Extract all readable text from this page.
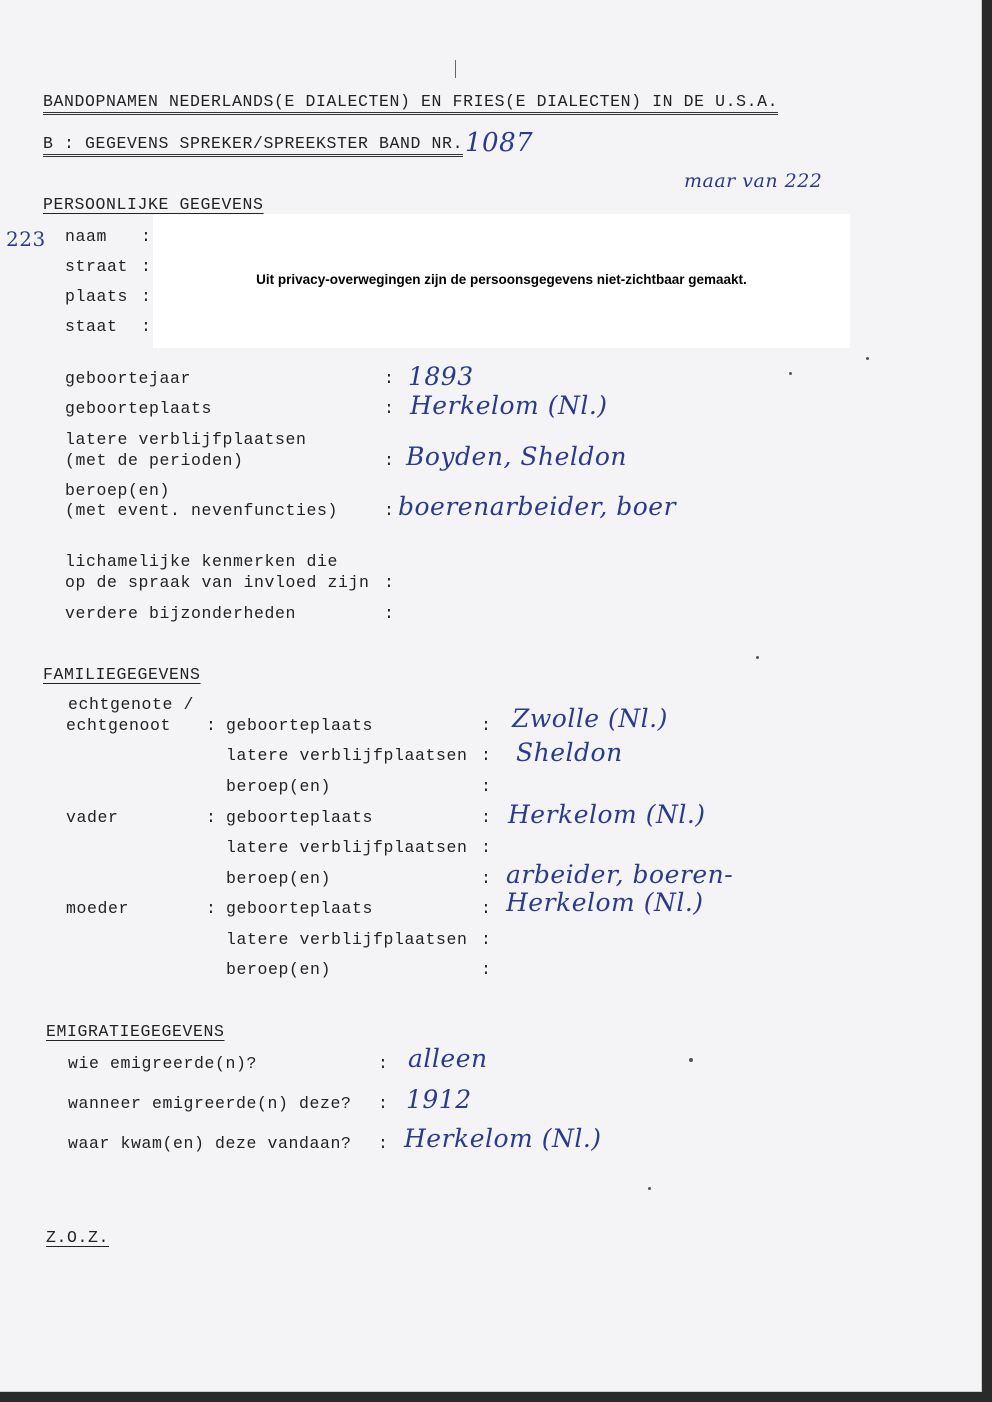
BANDOPNAMEN NEDERLANDS(E DIALECTEN) EN FRIES(E DIALECTEN) IN DE U.S.A.
B : GEGEVENS SPREKER/SPREEKSTER BAND NR. 1087
maar van 222
PERSOONLIJKE GEGEVENS
223 naam :
straat :
plaats :
staat :
Uit privacy-overwegingen zijn de persoonsgegevens niet-zichtbaar gemaakt.
geboortejaar	: 1893
geboorteplaats	: Herkelom (Nl.)
latere verblijfplaatsen
(met de perioden)	: Boyden, Sheldon
beroep(en)
(met event. nevenfuncties)	: boerenarbeider, boer
lichamelijke kenmerken die
op de spraak van invloed zijn :
verdere bijzonderheden	:
FAMILIEGEGEVENS
echtgenote /
echtgenoot : geboorteplaats	: Zwolle (Nl.)
latere verblijfplaatsen : Sheldon
beroep(en)	:
vader	: geboorteplaats	: Herkelom (Nl.)
latere verblijfplaatsen :
beroep(en)	: arbeider, boeren-
moeder	: geboorteplaats	: Herkelom (Nl.)
latere verblijfplaatsen :
beroep(en)	:
EMIGRATIEGEGEVENS
wie emigreerde(n)?	: alleen
wanneer emigreerde(n) deze? : 1912
waar kwam(en) deze vandaan? : Herkelom (Nl.)
Z.O.Z.
